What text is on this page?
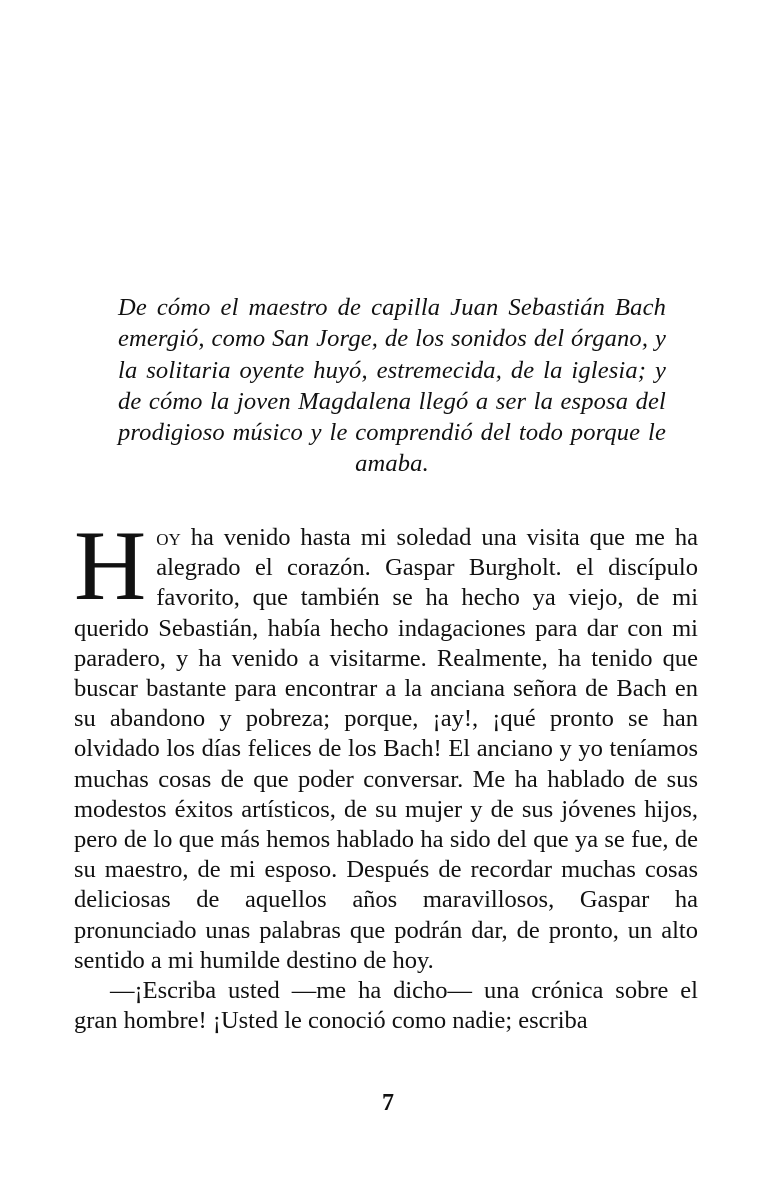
De cómo el maestro de capilla Juan Sebastián Bach emergió, como San Jorge, de los sonidos del órgano, y la solitaria oyente huyó, estremecida, de la iglesia; y de cómo la joven Magdalena llegó a ser la esposa del prodigioso músico y le comprendió del todo porque le amaba.

Hoy ha venido hasta mi soledad una visita que me ha alegrado el corazón. Gaspar Burgholt. el discípulo favorito, que también se ha hecho ya viejo, de mi querido Sebastián, había hecho indagaciones para dar con mi paradero, y ha venido a visitarme. Realmente, ha tenido que buscar bastante para encontrar a la anciana señora de Bach en su abandono y pobreza; porque, ¡ay!, ¡qué pronto se han olvidado los días felices de los Bach! El anciano y yo teníamos muchas cosas de que poder conversar. Me ha hablado de sus modestos éxitos artísticos, de su mujer y de sus jóvenes hijos, pero de lo que más hemos hablado ha sido del que ya se fue, de su maestro, de mi esposo. Después de recordar muchas cosas deliciosas de aquellos años maravillosos, Gaspar ha pronunciado unas palabras que podrán dar, de pronto, un alto sentido a mi humilde destino de hoy.

—¡Escriba usted —me ha dicho— una crónica sobre el gran hombre! ¡Usted le conoció como nadie; escriba

7
